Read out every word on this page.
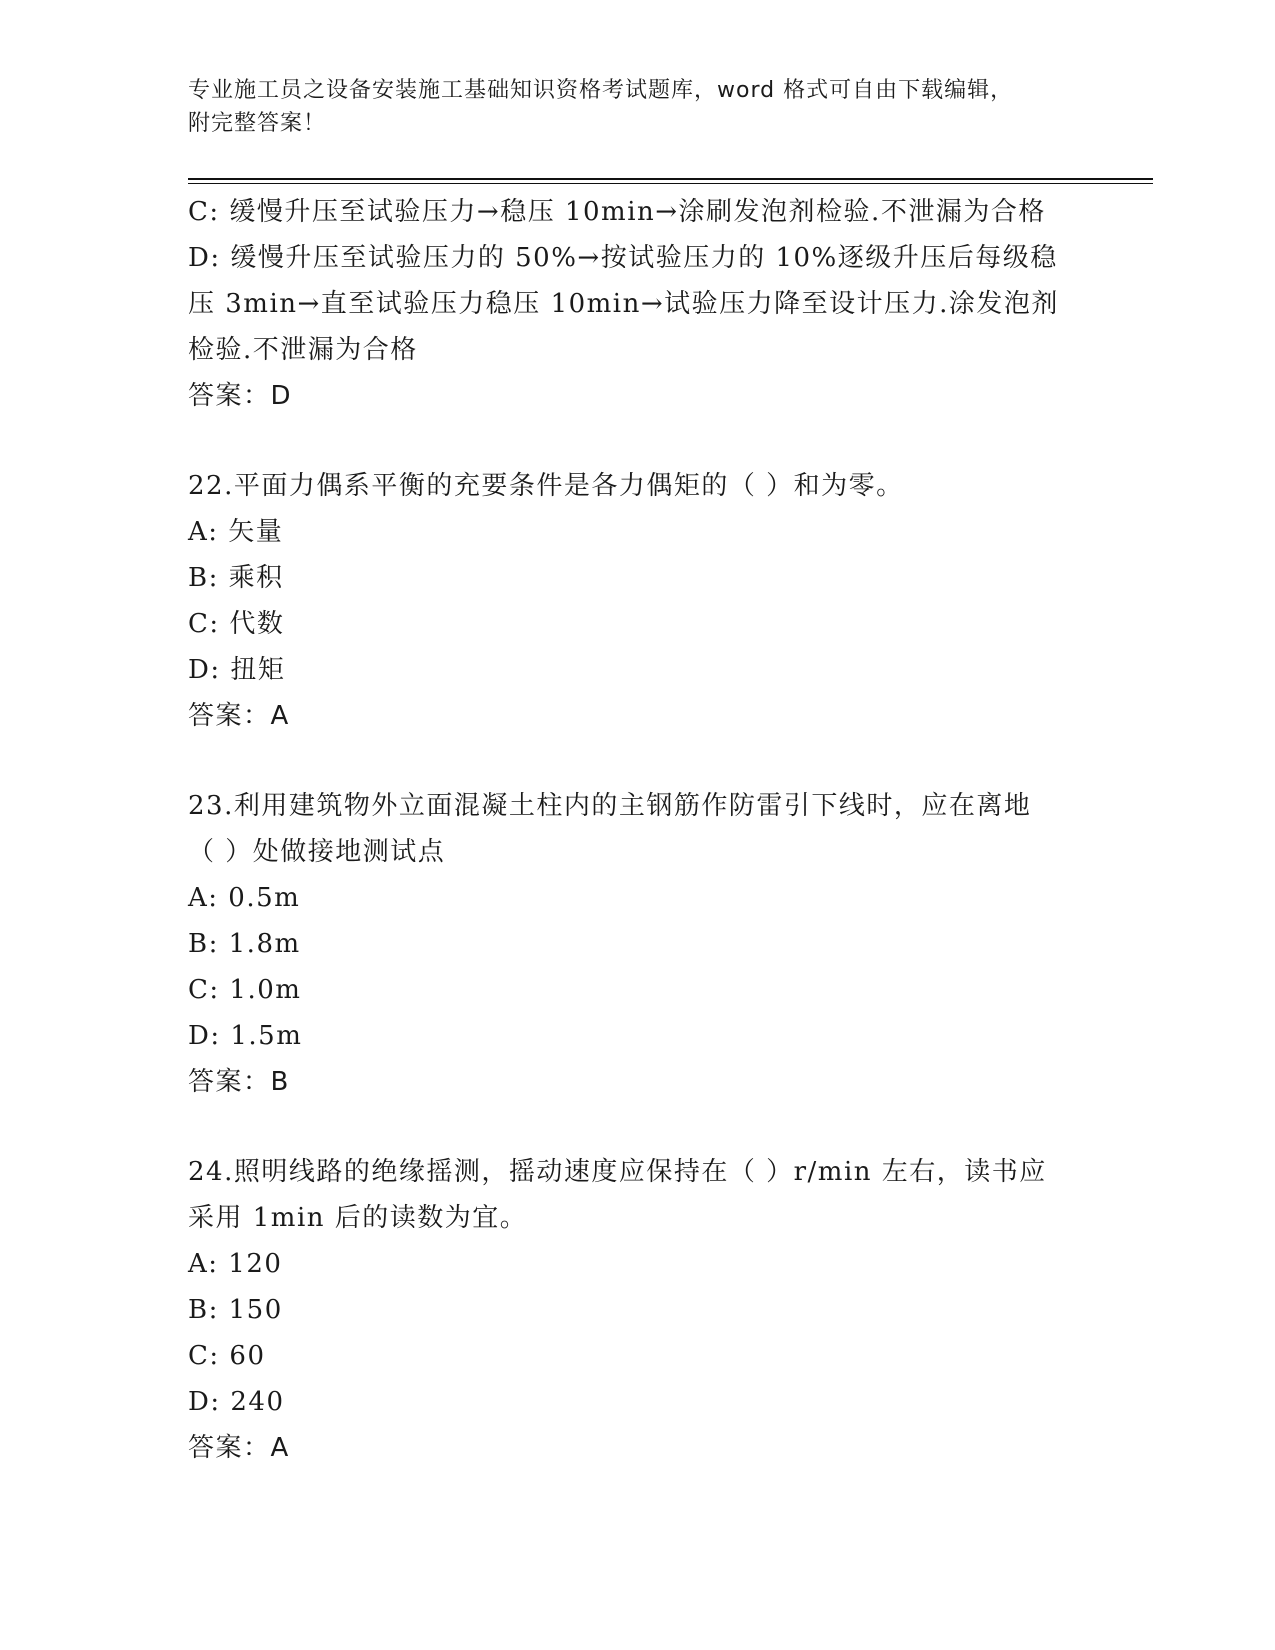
专业施工员之设备安装施工基础知识资格考试题库，word 格式可自由下载编辑，
附完整答案！
C: 缓慢升压至试验压力→稳压 10min→涂刷发泡剂检验.不泄漏为合格
D: 缓慢升压至试验压力的 50%→按试验压力的 10%逐级升压后每级稳
压 3min→直至试验压力稳压 10min→试验压力降至设计压力.涂发泡剂
检验.不泄漏为合格
答案：D
22.平面力偶系平衡的充要条件是各力偶矩的（ ）和为零。
A: 矢量
B: 乘积
C: 代数
D: 扭矩
答案：A
23.利用建筑物外立面混凝土柱内的主钢筋作防雷引下线时，应在离地
（ ）处做接地测试点
A: 0.5m
B: 1.8m
C: 1.0m
D: 1.5m
答案：B
24.照明线路的绝缘摇测，摇动速度应保持在（ ）r/min 左右，读书应
采用 1min 后的读数为宜。
A: 120
B: 150
C: 60
D: 240
答案：A
